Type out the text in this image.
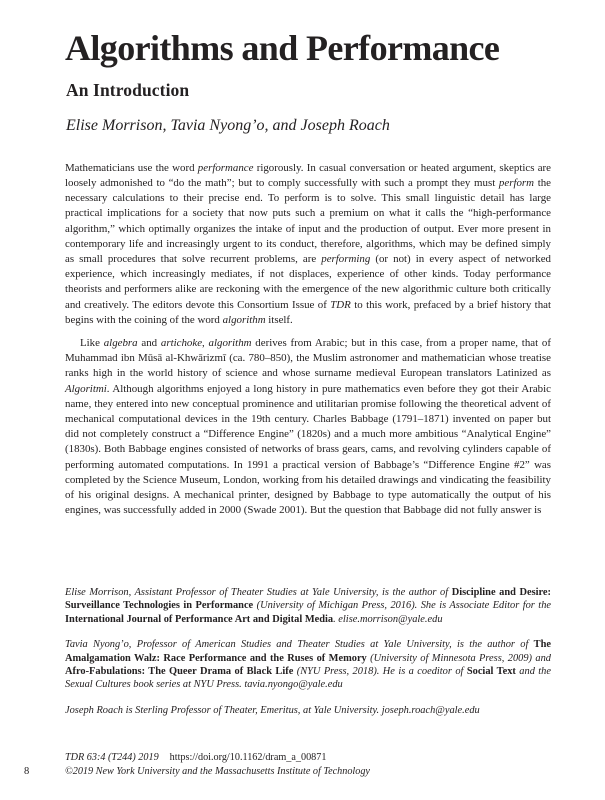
Algorithms and Performance
An Introduction

Elise Morrison, Tavia Nyong’o, and Joseph Roach

Mathematicians use the word performance rigorously. In casual conversation or heated argument, skeptics are loosely admonished to “do the math”; but to comply successfully with such a prompt they must perform the necessary calculations to their precise end. To perform is to solve. This small linguistic detail has large practical implications for a society that now puts such a premium on what it calls the “high-performance algorithm,” which optimally organizes the intake of input and the production of output. Ever more present in contemporary life and increasingly urgent to its conduct, therefore, algorithms, which may be defined simply as small procedures that solve recurrent problems, are performing (or not) in every aspect of networked experience, which increasingly mediates, if not displaces, experience of other kinds. Today performance theorists and performers alike are reckoning with the emergence of the new algorithmic culture both critically and creatively. The editors devote this Consortium Issue of TDR to this work, prefaced by a brief history that begins with the coining of the word algorithm itself.

Like algebra and artichoke, algorithm derives from Arabic; but in this case, from a proper name, that of Muhammad ibn Mūsā al-Khwārizmī (ca. 780–850), the Muslim astronomer and mathematician whose treatise ranks high in the world history of science and whose surname medieval European translators Latinized as Algoritmi. Although algorithms enjoyed a long history in pure mathematics even before they got their Arabic name, they entered into new conceptual prominence and utilitarian promise following the theoretical advent of mechanical computational devices in the 19th century. Charles Babbage (1791–1871) invented on paper but did not completely construct a “Difference Engine” (1820s) and a much more ambitious “Analytical Engine” (1830s). Both Babbage engines consisted of networks of brass gears, cams, and revolving cylinders capable of performing automated computations. In 1991 a practical version of Babbage’s “Difference Engine #2” was completed by the Science Museum, London, working from his detailed drawings and vindicating the feasibility of his original designs. A mechanical printer, designed by Babbage to type automatically the output of his engines, was successfully added in 2000 (Swade 2001). But the question that Babbage did not fully answer is

Elise Morrison, Assistant Professor of Theater Studies at Yale University, is the author of Discipline and Desire: Surveillance Technologies in Performance (University of Michigan Press, 2016). She is Associate Editor for the International Journal of Performance Art and Digital Media. elise.morrison@yale.edu

Tavia Nyong’o, Professor of American Studies and Theater Studies at Yale University, is the author of The Amalgamation Walz: Race Performance and the Ruses of Memory (University of Minnesota Press, 2009) and Afro-Fabulations: The Queer Drama of Black Life (NYU Press, 2018). He is a coeditor of Social Text and the Sexual Cultures book series at NYU Press. tavia.nyongo@yale.edu

Joseph Roach is Sterling Professor of Theater, Emeritus, at Yale University. joseph.roach@yale.edu

TDR 63:4 (T244) 2019 https://doi.org/10.1162/dram_a_00871
©2019 New York University and the Massachusetts Institute of Technology
8
